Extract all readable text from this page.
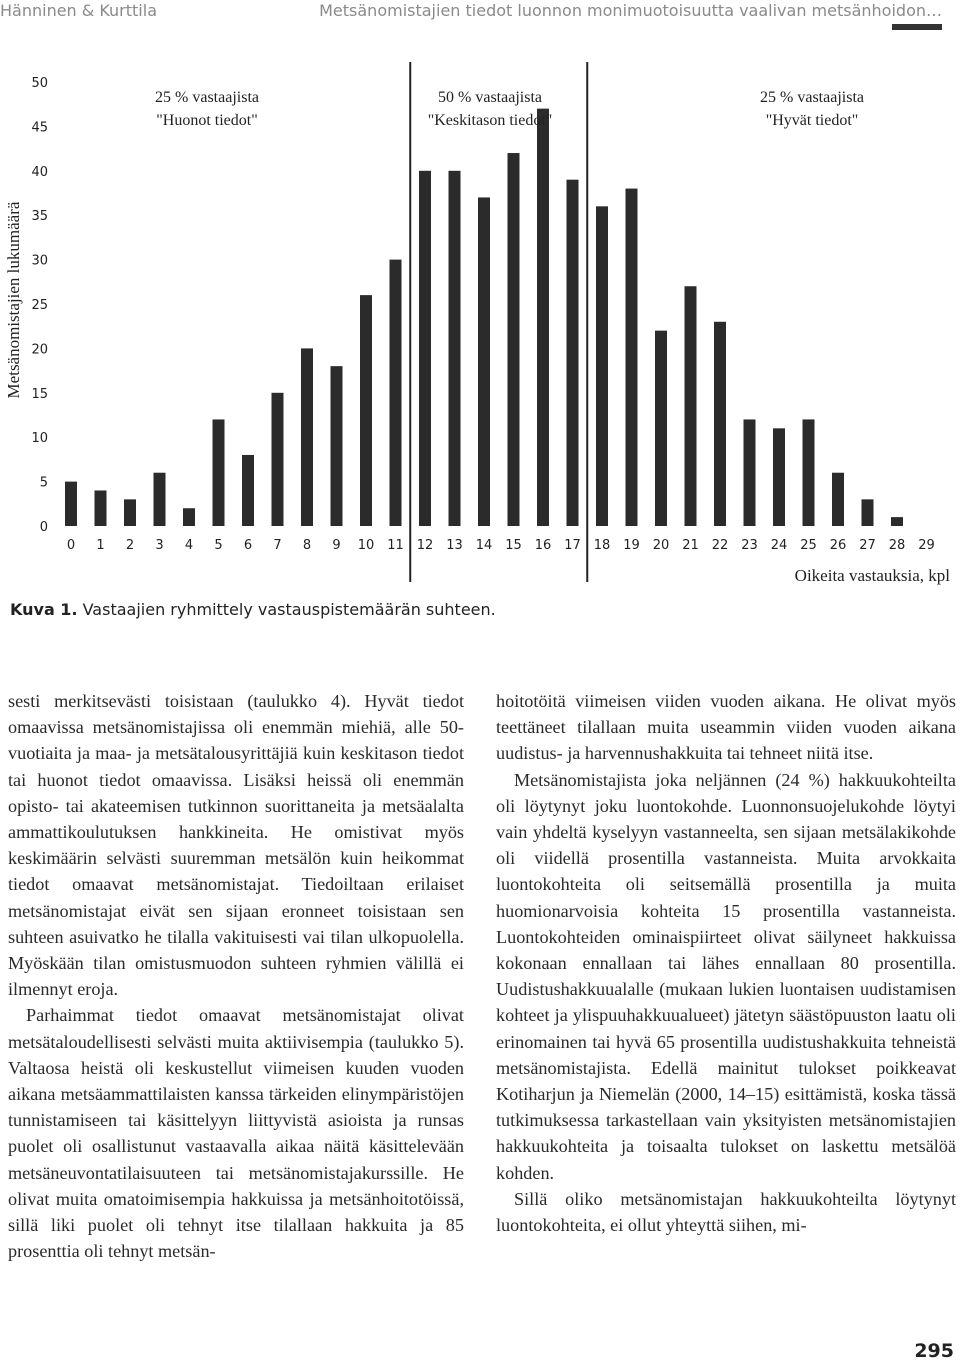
Hänninen & Kurttila	Metsänomistajien tiedot luonnon monimuotoisuutta vaalivan metsänhoidon…
0
5
10
15
20
25
30
35
40
45
50
Metsänomistajien lukumäärä
0 1 2 3 4 5 6 7 8 9 10 11 12 13 14 15 16 17 18 19 20 21 22 23 24 25 26 27 28 29
25 % vastaajista
"Huonot tiedot"
50 % vastaajista
"Keskitason tiedot"
25 % vastaajista
"Hyvät tiedot"
Oikeita vastauksia, kpl
Kuva 1. Vastaajien ryhmittely vastauspistemäärän suhteen.

sesti merkitsevästi toisistaan (taulukko 4). Hyvät tiedot omaavissa metsänomistajissa oli enemmän miehiä, alle 50-vuotiaita ja maa- ja metsätalousyrittäjiä kuin keskitason tiedot tai huonot tiedot omaavissa. Lisäksi heissä oli enemmän opisto- tai akateemisen tutkinnon suorittaneita ja metsäalalta ammattikoulutuksen hankkineita. He omistivat myös keskimäärin selvästi suuremman metsälön kuin heikommat tiedot omaavat metsänomistajat. Tiedoiltaan erilaiset metsänomistajat eivät sen sijaan eronneet toisistaan sen suhteen asuivatko he tilalla vakituisesti vai tilan ulkopuolella. Myöskään tilan omistusmuodon suhteen ryhmien välillä ei ilmennyt eroja.

Parhaimmat tiedot omaavat metsänomistajat olivat metsätaloudellisesti selvästi muita aktiivisempia (taulukko 5). Valtaosa heistä oli keskustellut viimeisen kuuden vuoden aikana metsäammattilaisten kanssa tärkeiden elinympäristöjen tunnistamiseen tai käsittelyyn liittyvistä asioista ja runsas puolet oli osallistunut vastaavalla aikaa näitä käsittelevään metsäneuvontatilaisuuteen tai metsänomistajakurssille. He olivat muita omatoimisempia hakkuissa ja metsänhoitotöissä, sillä liki puolet oli tehnyt itse tilallaan hakkuita ja 85 prosenttia oli tehnyt metsän-

hoitotöitä viimeisen viiden vuoden aikana. He olivat myös teettäneet tilallaan muita useammin viiden vuoden aikana uudistus- ja harvennushakkuita tai tehneet niitä itse.

Metsänomistajista joka neljännen (24 %) hakkuukohteilta oli löytynyt joku luontokohde. Luonnonsuojelukohde löytyi vain yhdeltä kyselyyn vastanneelta, sen sijaan metsälakikohde oli viidellä prosentilla vastanneista. Muita arvokkaita luontokohteita oli seitsemällä prosentilla ja muita huomionarvoisia kohteita 15 prosentilla vastanneista. Luontokohteiden ominaispiirteet olivat säilyneet hakkuissa kokonaan ennallaan tai lähes ennallaan 80 prosentilla. Uudistushakkuualalle (mukaan lukien luontaisen uudistamisen kohteet ja ylispuuhakkuualueet) jätetyn säästöpuuston laatu oli erinomainen tai hyvä 65 prosentilla uudistushakkuita tehneistä metsänomistajista. Edellä mainitut tulokset poikkeavat Kotiharjun ja Niemelän (2000, 14–15) esittämistä, koska tässä tutkimuksessa tarkastellaan vain yksityisten metsänomistajien hakkuukohteita ja toisaalta tulokset on laskettu metsälöä kohden.

Sillä oliko metsänomistajan hakkuukohteilta löytynyt luontokohteita, ei ollut yhteyttä siihen, mi-

295
